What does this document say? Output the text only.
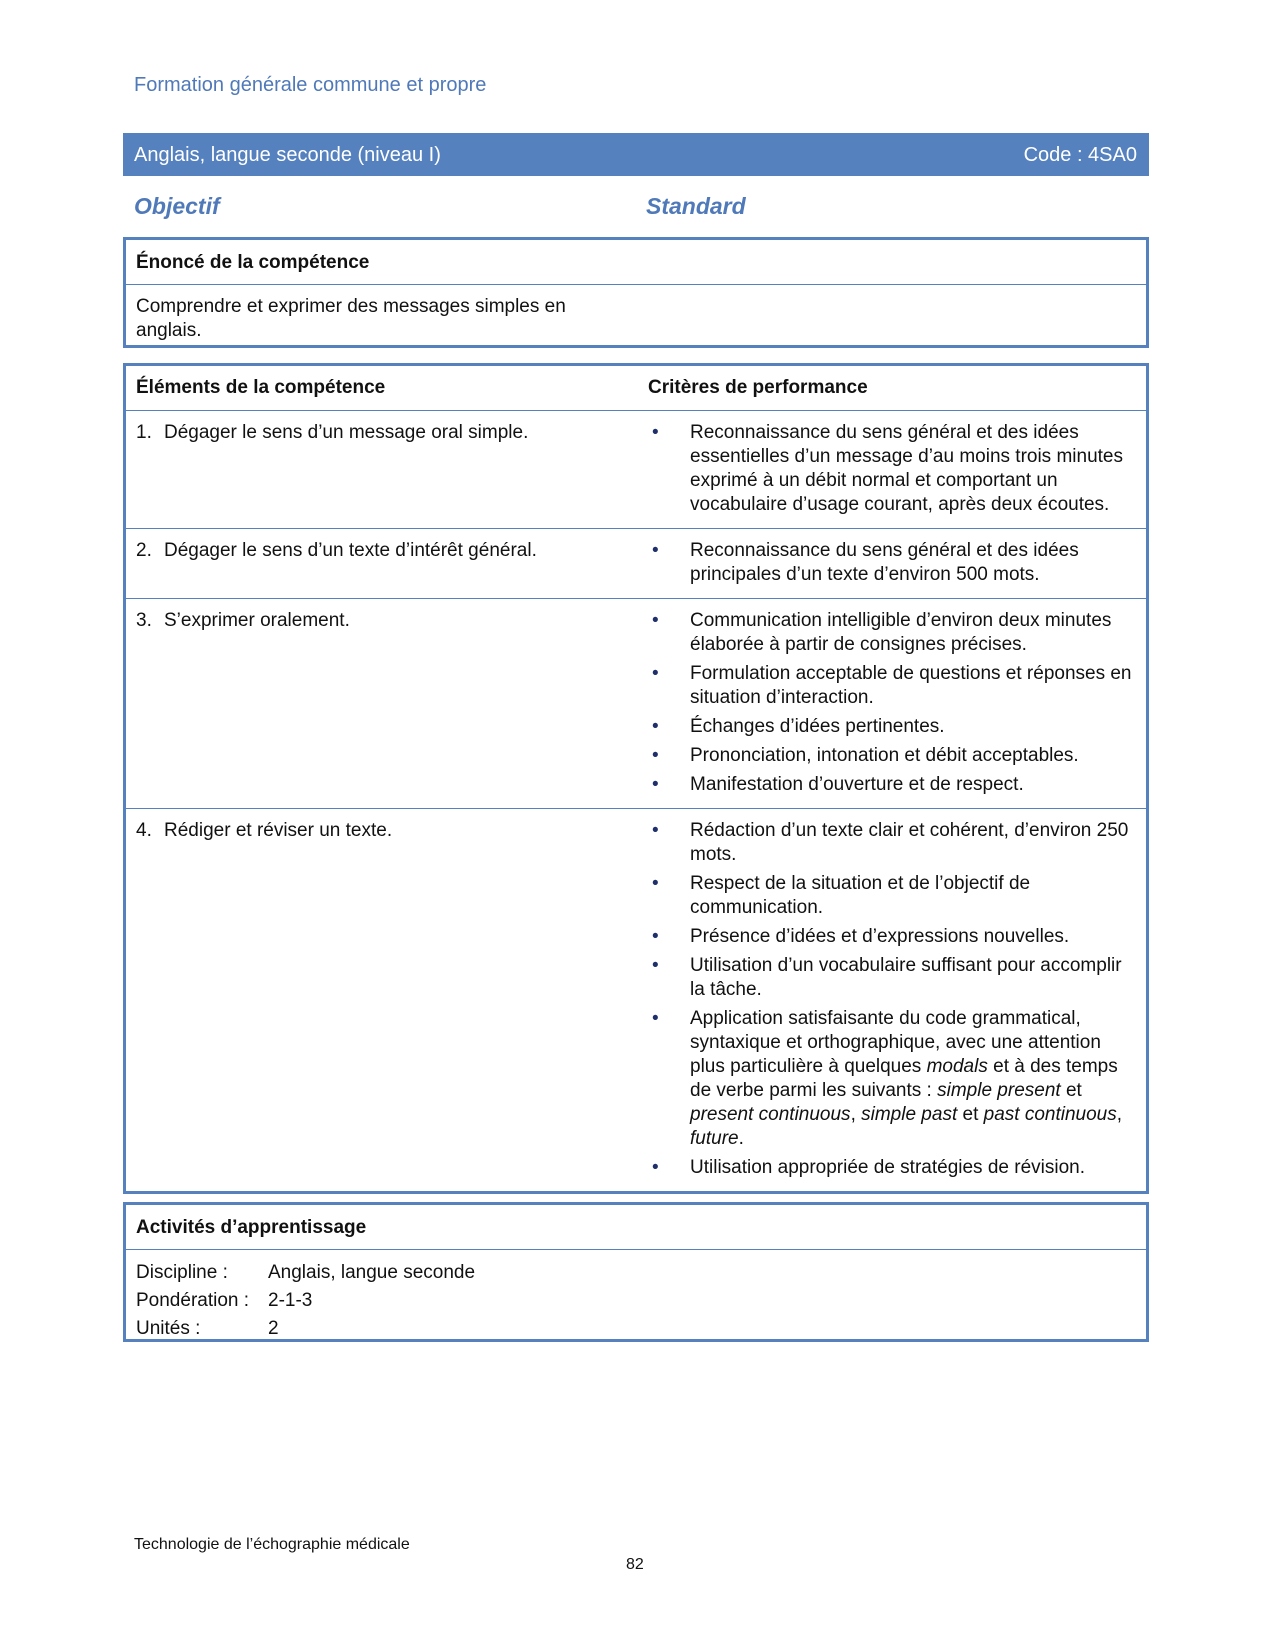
Formation générale commune et propre
Anglais, langue seconde (niveau I)	Code : 4SA0
Objectif	Standard
Énoncé de la compétence
Comprendre et exprimer des messages simples en anglais.
Éléments de la compétence	Critères de performance
1. Dégager le sens d’un message oral simple.	•	Reconnaissance du sens général et des idées essentielles d’un message d’au moins trois minutes exprimé à un débit normal et comportant un vocabulaire d’usage courant, après deux écoutes.
2. Dégager le sens d’un texte d’intérêt général.	•	Reconnaissance du sens général et des idées principales d’un texte d’environ 500 mots.
3. S’exprimer oralement.	•	Communication intelligible d’environ deux minutes élaborée à partir de consignes précises.
•	Formulation acceptable de questions et réponses en situation d’interaction.
•	Échanges d’idées pertinentes.
•	Prononciation, intonation et débit acceptables.
•	Manifestation d’ouverture et de respect.
4. Rédiger et réviser un texte.	•	Rédaction d’un texte clair et cohérent, d’environ 250 mots.
•	Respect de la situation et de l’objectif de communication.
•	Présence d’idées et d’expressions nouvelles.
•	Utilisation d’un vocabulaire suffisant pour accomplir la tâche.
•	Application satisfaisante du code grammatical, syntaxique et orthographique, avec une attention plus particulière à quelques modals et à des temps de verbe parmi les suivants : simple present et present continuous, simple past et past continuous, future.
•	Utilisation appropriée de stratégies de révision.
Activités d’apprentissage
Discipline : Anglais, langue seconde
Pondération : 2-1-3
Unités :	2
Technologie de l’échographie médicale
82
